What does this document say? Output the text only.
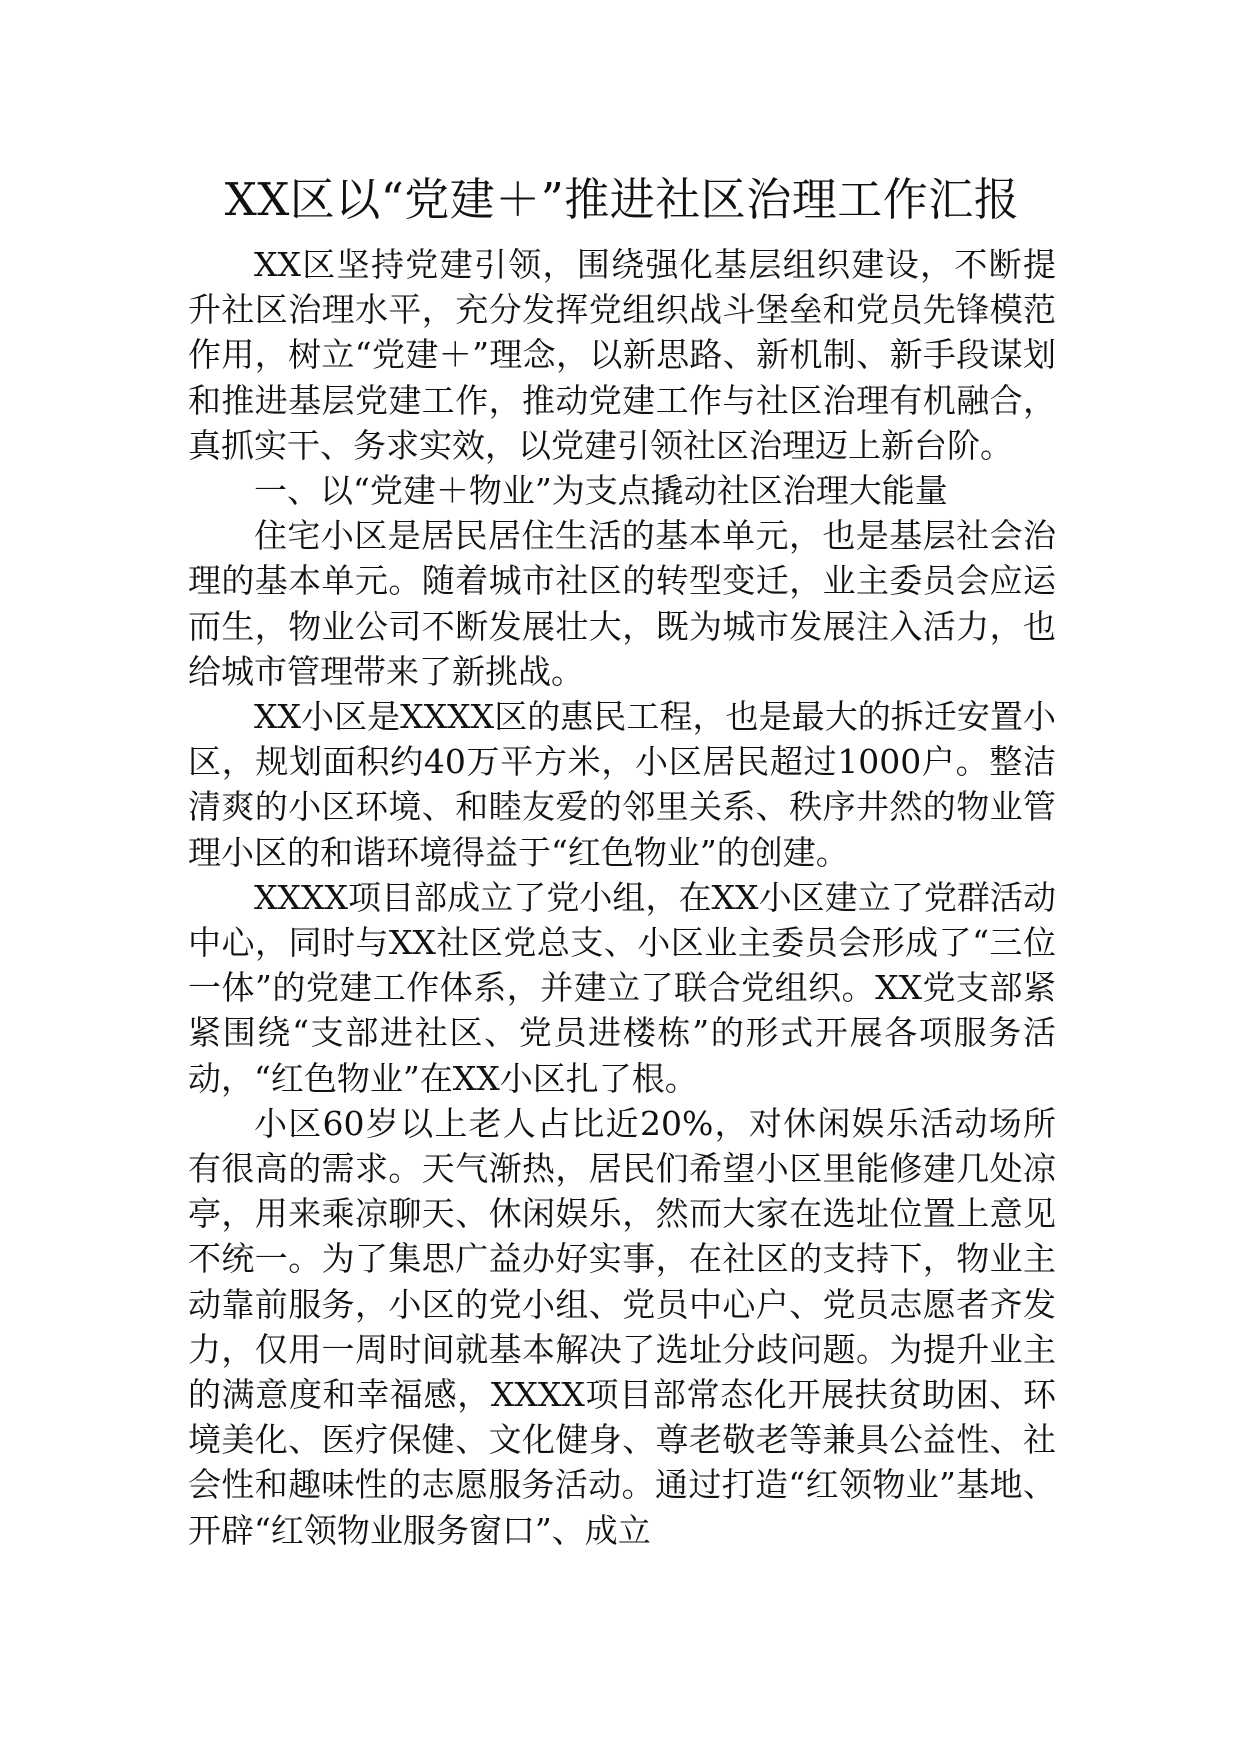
XX区以“党建＋”推进社区治理工作汇报

XX区坚持党建引领，围绕强化基层组织建设，不断提升社区治理水平，充分发挥党组织战斗堡垒和党员先锋模范作用，树立“党建＋”理念，以新思路、新机制、新手段谋划和推进基层党建工作，推动党建工作与社区治理有机融合，真抓实干、务求实效，以党建引领社区治理迈上新台阶。

一、以“党建＋物业”为支点撬动社区治理大能量

住宅小区是居民居住生活的基本单元，也是基层社会治理的基本单元。随着城市社区的转型变迁，业主委员会应运而生，物业公司不断发展壮大，既为城市发展注入活力，也给城市管理带来了新挑战。

XX小区是XXXX区的惠民工程，也是最大的拆迁安置小区，规划面积约40万平方米，小区居民超过1000户。整洁清爽的小区环境、和睦友爱的邻里关系、秩序井然的物业管理小区的和谐环境得益于“红色物业”的创建。

XXXX项目部成立了党小组，在XX小区建立了党群活动中心，同时与XX社区党总支、小区业主委员会形成了“三位一体”的党建工作体系，并建立了联合党组织。XX党支部紧紧围绕“支部进社区、党员进楼栋”的形式开展各项服务活动，“红色物业”在XX小区扎了根。

小区60岁以上老人占比近20%，对休闲娱乐活动场所有很高的需求。天气渐热，居民们希望小区里能修建几处凉亭，用来乘凉聊天、休闲娱乐，然而大家在选址位置上意见不统一。为了集思广益办好实事，在社区的支持下，物业主动靠前服务，小区的党小组、党员中心户、党员志愿者齐发力，仅用一周时间就基本解决了选址分歧问题。为提升业主的满意度和幸福感，XXXX项目部常态化开展扶贫助困、环境美化、医疗保健、文化健身、尊老敬老等兼具公益性、社会性和趣味性的志愿服务活动。通过打造“红领物业”基地、开辟“红领物业服务窗口”、成立
